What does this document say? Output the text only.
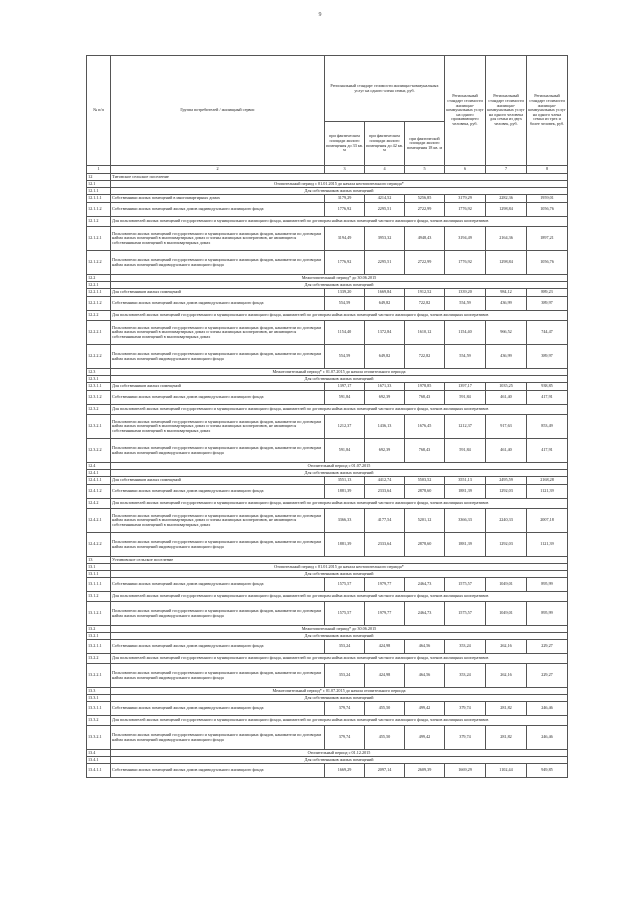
9
№ п/п	Группа потребителей / жилищный сервис	Региональный стандарт стоимости жилищно-коммунальных услуг на одного члена семьи, руб.			Региональный стандарт стоимости жилищно-коммунальных услуг на одного проживающего человека, руб.	Региональный стандарт стоимости жилищно-коммунальных услуг на одного человека для семьи из двух человек, руб.	Региональный стандарт стоимости жилищно-коммунальных услуг на одного члена семьи из трех и более человек, руб.
		при фактическом площади жилого помещения до 33 кв. м	при фактическом площади жилого помещения до 42 кв. м	при фактической площади жилого помещения 18 кв. м			
1	2	3	4	5	6	7	8
12	Титовское сельское поселение						
12.1	Отопительный период с 01.01.2015 до начала неотопительного периода*						
12.1.1	Для собственников жилых помещений						
12.1.1.1	Собственники жилых помещений в многоквартирных домах	3179,29	4214,52	5256,85	3179,29	2282,36	1959,01
12.1.1.2	Собственники жилых помещений жилых домов индивидуального жилищного фонда	1776,92	2295,51	2722,99	1776,92	1298,84	1056,76
12.1.2	Для пользователей жилых помещений государственного и муниципального жилищного фонда, нанимателей по договорам найма жилых помещений частного жилищного фонда, членов жилищных кооперативов						
12.1.2.1	Пользователи жилых помещений государственного и муниципального жилищных фондов, наниматели по договорам найма жилых помещений в многоквартирных домах и члены жилищных кооперативов, не являющиеся собственниками помещений в многоквартирных домах	3194,49	3953,32	4948,43	3194,49	2164,36	1897,21
12.1.2.2	Пользователи жилых помещений государственного и муниципального жилищных фондов, наниматели по договорам найма жилых помещений индивидуального жилищного фонда	1776,92	2295,51	2722,99	1776,92	1298,84	1056,76
12.2	Межотопительный период* до 30.06.2015						
12.2.1	Для собственников жилых помещений						
12.2.1.1	Для собственников жилых помещений	1339,20	1669,84	1912,52	1339,20	984,12	889,23
12.2.1.2	Собственники жилых помещений жилых домов индивидуального жилищного фонда	554,59	649,82	722,82	554,59	436,99	389,97
12.2.2	Для пользователей жилых помещений государственного и муниципального жилищного фонда, нанимателей по договорам найма жилых помещений частного жилищного фонда, членов жилищных кооперативов						
12.2.2.1	Пользователи жилых помещений государственного и муниципального жилищных фондов, наниматели по договорам найма жилых помещений в многоквартирных домах и члены жилищных кооперативов, не являющиеся собственниками помещений в многоквартирных домах	1154,40	1372,84	1610,12	1154,40	966,52	744,47
12.2.2.2	Пользователи жилых помещений государственного и муниципального жилищных фондов, наниматели по договорам найма жилых помещений индивидуального жилищного фонда	554,59	649,82	722,82	554,59	436,99	389,97
12.3	Межотопительный период* с 01.07.2015 до начала отопительного периода						
12.3.1	Для собственников жилых помещений						
12.3.1.1	Для собственников жилых помещений	1397,17	1671,33	1978,85	1397,17	1035,25	938,85
12.3.1.2	Собственники жилых помещений жилых домов индивидуального жилищного фонда	591,84	692,39	768,43	591,84	461,40	417,91
12.3.2	Для пользователей жилых помещений государственного и муниципального жилищного фонда, нанимателей по договорам найма жилых помещений частного жилищного фонда, членов жилищных кооперативов						
12.3.2.1	Пользователи жилых помещений государственного и муниципального жилищных фондов, наниматели по договорам найма жилых помещений в многоквартирных домах и члены жилищных кооперативов, не являющиеся собственниками помещений в многоквартирных домах	1212,37	1436,13	1676,45	1212,37	917,63	853,49
12.3.2.2	Пользователи жилых помещений государственного и муниципального жилищных фондов, наниматели по договорам найма жилых помещений индивидуального жилищного фонда	591,84	692,39	768,43	591,84	461,40	417,91
12.4	Отопительный период с 01.07.2015						
12.4.1	Для собственников жилых помещений						
12.4.1.1	Для собственников жилых помещений	3551,13	4412,74	5503,52	3551,13	2495,59	2168,28
12.4.1.2	Собственники жилых помещений жилых домов индивидуального жилищного фонда	1881,39	2333,64	2878,60	1881,39	1292,03	1121,39
12.4.2	Для пользователей жилых помещений государственного и муниципального жилищного фонда, нанимателей по договорам найма жилых помещений частного жилищного фонда, членов жилищных кооперативов						
12.4.2.1	Пользователи жилых помещений государственного и муниципального жилищных фондов, наниматели по договорам найма жилых помещений в многоквартирных домах и члены жилищных кооперативов, не являющиеся собственниками помещений в многоквартирных домах	3366,33	4177,54	5201,12	3366,33	2240,33	2007,18
12.4.2.2	Пользователи жилых помещений государственного и муниципального жилищных фондов, наниматели по договорам найма жилых помещений индивидуального жилищного фонда	1881,39	2333,64	2878,60	1881,39	1292,03	1121,39
13	Устиновское сельское поселение						
13.1	Отопительный период с 01.01.2015 до начала неотопительного периода*						
13.1.1	Для собственников жилых помещений						
13.1.1.1	Собственники жилых помещений жилых домов индивидуального жилищного фонда	1575,57	1979,77	2464,73	1575,57	1049,01	895,99
13.1.2	Для пользователей жилых помещений государственного и муниципального жилищного фонда, нанимателей по договорам найма жилых помещений частного жилищного фонда, членов жилищных кооперативов						
13.1.2.1	Пользователи жилых помещений государственного и муниципального жилищных фондов, наниматели по договорам найма жилых помещений индивидуального жилищного фонда	1575,57	1979,77	2464,73	1575,57	1049,01	895,99
13.2	Межотопительный период* до 30.06.2015						
13.2.1	Для собственников жилых помещений						
13.2.1.1	Собственники жилых помещений жилых домов индивидуального жилищного фонда	353,24	424,98	464,56	353,24	262,16	229,27
13.2.2	Для пользователей жилых помещений государственного и муниципального жилищного фонда, нанимателей по договорам найма жилых помещений частного жилищного фонда, членов жилищных кооперативов						
13.2.2.1	Пользователи жилых помещений государственного и муниципального жилищных фондов, наниматели по договорам найма жилых помещений индивидуального жилищного фонда	353,24	424,98	464,56	353,24	262,16	229,27
13.3	Межотопительный период* с 01.07.2015 до начала отопительного периода						
13.3.1	Для собственников жилых помещений						
13.3.1.1	Собственники жилых помещений жилых домов индивидуального жилищного фонда	379,74	455,50	499,42	379,74	281,82	246,46
13.3.2	Для пользователей жилых помещений государственного и муниципального жилищного фонда, нанимателей по договорам найма жилых помещений частного жилищного фонда, членов жилищных кооперативов						
13.3.2.1	Пользователи жилых помещений государственного и муниципального жилищных фондов, наниматели по договорам найма жилых помещений индивидуального жилищного фонда	379,74	455,50	499,42	379,74	281,82	246,46
13.4	Отопительный период с 01.12.2015						
13.4.1	Для собственников жилых помещений						
13.4.1.1	Собственники жилых помещений жилых домов индивидуального жилищного фонда	1669,29	2097,14	2609,39	1669,29	1102,44	949,85
